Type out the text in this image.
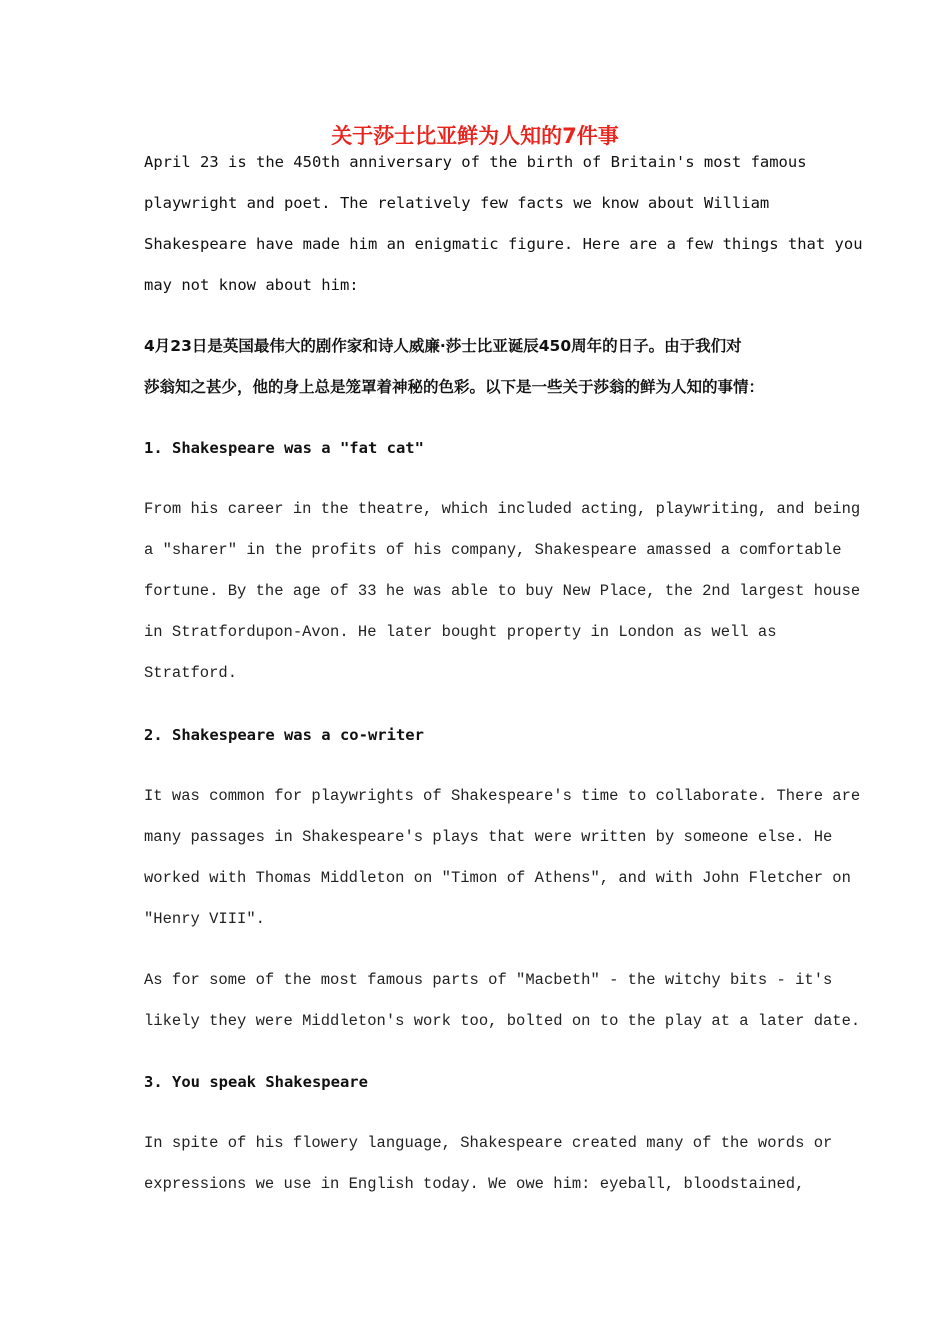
关于莎士比亚鲜为人知的7件事
April 23 is the 450th anniversary of the birth of Britain's most famous
playwright and poet. The relatively few facts we know about William
Shakespeare have made him an enigmatic figure. Here are a few things that you
may not know about him:
4月23日是英国最伟大的剧作家和诗人威廉·莎士比亚诞辰450周年的日子。由于我们对
莎翁知之甚少，他的身上总是笼罩着神秘的色彩。以下是一些关于莎翁的鲜为人知的事情：
1. Shakespeare was a "fat cat"
From his career in the theatre, which included acting, playwriting, and being
a "sharer" in the profits of his company, Shakespeare amassed a comfortable
fortune. By the age of 33 he was able to buy New Place, the 2nd largest house
in Stratfordupon-Avon. He later bought property in London as well as
Stratford.
2. Shakespeare was a co-writer
It was common for playwrights of Shakespeare's time to collaborate. There are
many passages in Shakespeare's plays that were written by someone else. He
worked with Thomas Middleton on "Timon of Athens", and with John Fletcher on
"Henry VIII".
As for some of the most famous parts of "Macbeth" - the witchy bits - it's
likely they were Middleton's work too, bolted on to the play at a later date.
3. You speak Shakespeare
In spite of his flowery language, Shakespeare created many of the words or
expressions we use in English today. We owe him: eyeball, bloodstained,
